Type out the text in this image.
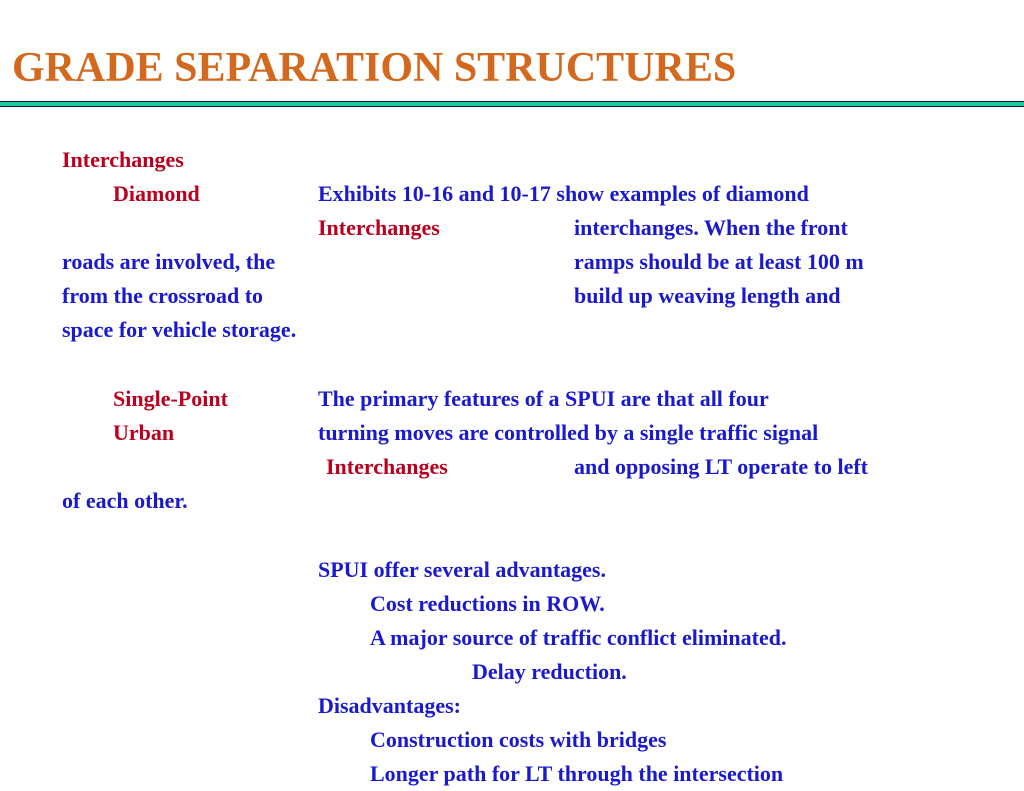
GRADE SEPARATION STRUCTURES
Interchanges
Diamond	Exhibits 10-16 and 10-17 show examples of diamond
Interchanges	interchanges. When the front
roads are involved, the	ramps should be at least 100 m
from the crossroad to	build up weaving length and
space for vehicle storage.
Single-Point	The primary features of a SPUI are that all four
Urban	turning moves are controlled by a single traffic signal
Interchanges	and opposing LT operate to left
of each other.
SPUI offer several advantages.
Cost reductions in ROW.
A major source of traffic conflict eliminated.
Delay reduction.
Disadvantages:
Construction costs with bridges
Longer path for LT through the intersection
